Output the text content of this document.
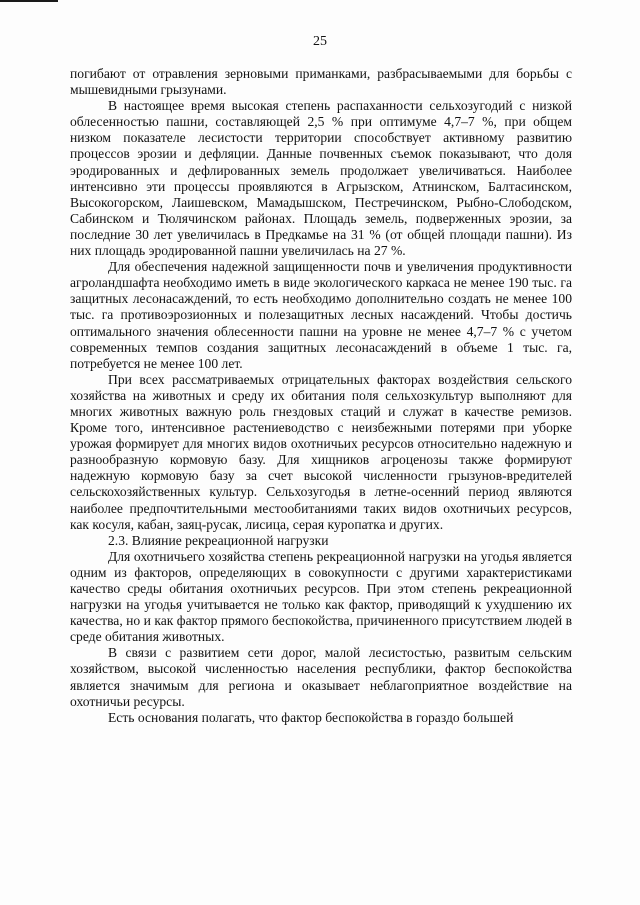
25

погибают от отравления зерновыми приманками, разбрасываемыми для борьбы с мышевидными грызунами.

В настоящее время высокая степень распаханности сельхозугодий с низкой облесенностью пашни, составляющей 2,5 % при оптимуме 4,7–7 %, при общем низком показателе лесистости территории способствует активному развитию процессов эрозии и дефляции. Данные почвенных съемок показывают, что доля эродированных и дефлированных земель продолжает увеличиваться. Наиболее интенсивно эти процессы проявляются в Агрызском, Атнинском, Балтасинском, Высокогорском, Лаишевском, Мамадышском, Пестречинском, Рыбно-Слободском, Сабинском и Тюлячинском районах. Площадь земель, подверженных эрозии, за последние 30 лет увеличилась в Предкамье на 31 % (от общей площади пашни). Из них площадь эродированной пашни увеличилась на 27 %.

Для обеспечения надежной защищенности почв и увеличения продуктивности агроландшафта необходимо иметь в виде экологического каркаса не менее 190 тыс. га защитных лесонасаждений, то есть необходимо дополнительно создать не менее 100 тыс. га противоэрозионных и полезащитных лесных насаждений. Чтобы достичь оптимального значения облесенности пашни на уровне не менее 4,7–7 % с учетом современных темпов создания защитных лесонасаждений в объеме 1 тыс. га, потребуется не менее 100 лет.

При всех рассматриваемых отрицательных факторах воздействия сельского хозяйства на животных и среду их обитания поля сельхозкультур выполняют для многих животных важную роль гнездовых стаций и служат в качестве ремизов. Кроме того, интенсивное растениеводство с неизбежными потерями при уборке урожая формирует для многих видов охотничьих ресурсов относительно надежную и разнообразную кормовую базу. Для хищников агроценозы также формируют надежную кормовую базу за счет высокой численности грызунов-вредителей сельскохозяйственных культур. Сельхозугодья в летне-осенний период являются наиболее предпочтительными местообитаниями таких видов охотничьих ресурсов, как косуля, кабан, заяц-русак, лисица, серая куропатка и других.

2.3. Влияние рекреационной нагрузки

Для охотничьего хозяйства степень рекреационной нагрузки на угодья является одним из факторов, определяющих в совокупности с другими характеристиками качество среды обитания охотничьих ресурсов. При этом степень рекреационной нагрузки на угодья учитывается не только как фактор, приводящий к ухудшению их качества, но и как фактор прямого беспокойства, причиненного присутствием людей в среде обитания животных.

В связи с развитием сети дорог, малой лесистостью, развитым сельским хозяйством, высокой численностью населения республики, фактор беспокойства является значимым для региона и оказывает неблагоприятное воздействие на охотничьи ресурсы.

Есть основания полагать, что фактор беспокойства в гораздо большей
